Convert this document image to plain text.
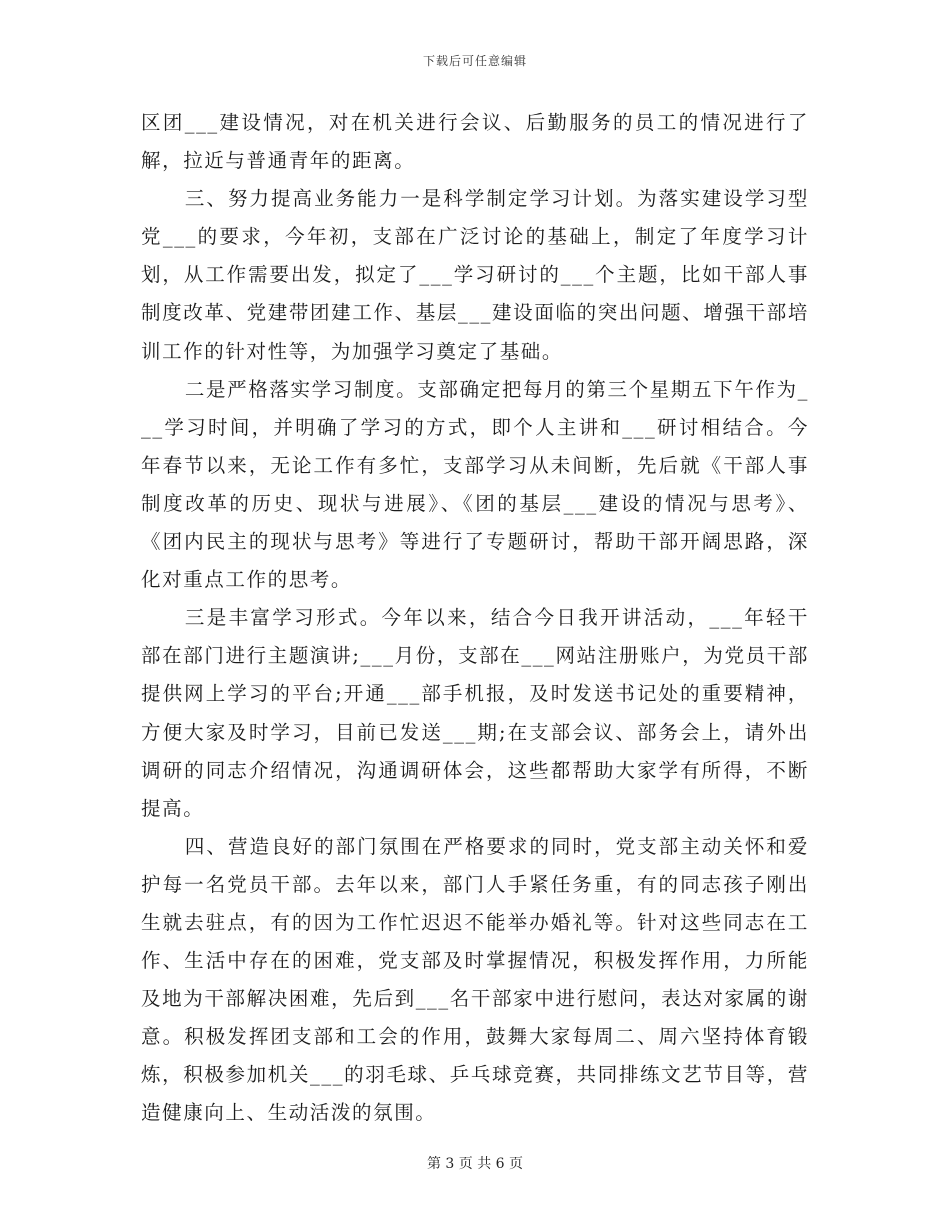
下载后可任意编辑

区团___建设情况，对在机关进行会议、后勤服务的员工的情况进行了解，拉近与普通青年的距离。

三、努力提高业务能力一是科学制定学习计划。为落实建设学习型党___的要求，今年初，支部在广泛讨论的基础上，制定了年度学习计划，从工作需要出发，拟定了___学习研讨的___个主题，比如干部人事制度改革、党建带团建工作、基层___建设面临的突出问题、增强干部培训工作的针对性等，为加强学习奠定了基础。

二是严格落实学习制度。支部确定把每月的第三个星期五下午作为___学习时间，并明确了学习的方式，即个人主讲和___研讨相结合。今年春节以来，无论工作有多忙，支部学习从未间断，先后就《干部人事制度改革的历史、现状与进展》、《团的基层___建设的情况与思考》、《团内民主的现状与思考》等进行了专题研讨，帮助干部开阔思路，深化对重点工作的思考。

三是丰富学习形式。今年以来，结合今日我开讲活动，___年轻干部在部门进行主题演讲;___月份，支部在___网站注册账户，为党员干部提供网上学习的平台;开通___部手机报，及时发送书记处的重要精神，方便大家及时学习，目前已发送___期;在支部会议、部务会上，请外出调研的同志介绍情况，沟通调研体会，这些都帮助大家学有所得，不断提高。

四、营造良好的部门氛围在严格要求的同时，党支部主动关怀和爱护每一名党员干部。去年以来，部门人手紧任务重，有的同志孩子刚出生就去驻点，有的因为工作忙迟迟不能举办婚礼等。针对这些同志在工作、生活中存在的困难，党支部及时掌握情况，积极发挥作用，力所能及地为干部解决困难，先后到___名干部家中进行慰问，表达对家属的谢意。积极发挥团支部和工会的作用，鼓舞大家每周二、周六坚持体育锻炼，积极参加机关___的羽毛球、乒乓球竞赛，共同排练文艺节目等，营造健康向上、生动活泼的氛围。

第 3 页 共 6 页
